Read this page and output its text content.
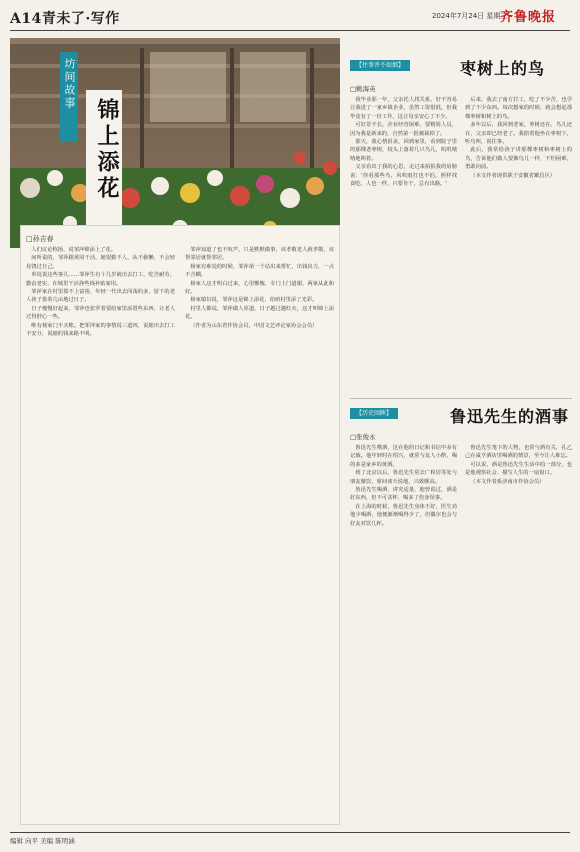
A14青未了·写作	2024年7月24日 星期三
齐鲁晚报
坊间故事
锦上添花
□孙吉春

人们议论称扬，说邹萍锦添上了花。

间所说的，邹萍跟黄同干活，她很勤不人，从不偷懒，不会轻易饶过自己。

单说说这些事儿……邹萍生有十几岁就出去打工，吃苦耐劳，勤奋老实，在城里干活挣些钱补贴家用。

邹萍家在村里算不上富裕，年轻一代出去闯荡的多，留下的老人孩子靠着几亩地过日子。

日子慢慢好起来，邹萍也张罗着要给家里添置些东西，让老人过得舒心一些。

唯有杨家门不买账。把邹萍家的事情说三道四，说她出去打工不安分，说她的钱来路不明。

邹萍知道了也不吭声，只是默默做事，该孝敬老人就孝敬，该帮邻居就帮邻居。

杨家有难处的时候，邹萍第一个站出来帮忙，出钱出力，一点不含糊。

杨家人这才明白过来，心里惭愧，专门上门道谢，两家从此和好。

杨家媳妇说，邹萍这是锦上添花，给咱村里添了光彩。

村里人都说，邹萍做人厚道，日子越过越红火，这才叫锦上添花。

（作者为山东省作协会员，中国文艺评论家协会会员）

【往事并不如烟】	枣树上的鸟
□鲍海英

我毕业那一年，父亲托人找关系，好不容易让我进了一家乡镇企业，虽然工资很低，但我毕竟有了一份工作，这让母亲安心了不少。

可好景不长，企业经营困难，要精简人员，因为我是新来的，自然第一批被裁掉了。

那天，我心情沮丧，回到家里，看到院子里的那棵老枣树，枝头上落着几只鸟儿，叽叽喳喳地叫着。

父亲看出了我的心思，走过来拍拍我的肩膀说：'你看那些鸟，风吹雨打也不怕，照样找食吃，人也一样，只要肯干，总有出路。'

后来，我去了南方打工，吃了不少苦，也学到了不少东西。每次想家的时候，就会想起那棵枣树和树上的鸟。

多年以后，我回到老家，枣树还在，鸟儿还在，父亲却已经老了。我陪着他坐在枣树下，听鸟叫，说往事。

此后，我常给孩子讲那棵枣树和枣树上的鸟，告诉他们做人要像鸟儿一样，不怕困难，勇敢向前。

（本文作者现供职于安徽省繁昌区）

【历史回眸】	鲁迅先生的酒事
□张俊永

鲁迅先生嗜酒，这在他的日记和书信中多有记载。他年轻时在绍兴，就常与友人小酌，喝的多是家乡的黄酒。

到了北京以后，鲁迅先生常去广和居等处与朋友聚饮，席间谈天说地，兴致颇高。

鲁迅先生喝酒，讲究适量，他曾说过，酒是好东西，但不可贪杯，喝多了伤身误事。

在上海的时候，鲁迅先生身体不好，医生劝他少喝酒，他便渐渐喝得少了，但偶尔也会与好友对饮几杯。

鲁迅先生笔下的人物，也常与酒有关，孔乙己在咸亨酒店里喝酒的情景，至今让人难忘。

可以说，酒是鲁迅先生生活中的一部分，也是他观察社会、描写人生的一扇窗口。

（本文作者系济南市作协会员）

编辑 向平 美编 陈明涵
